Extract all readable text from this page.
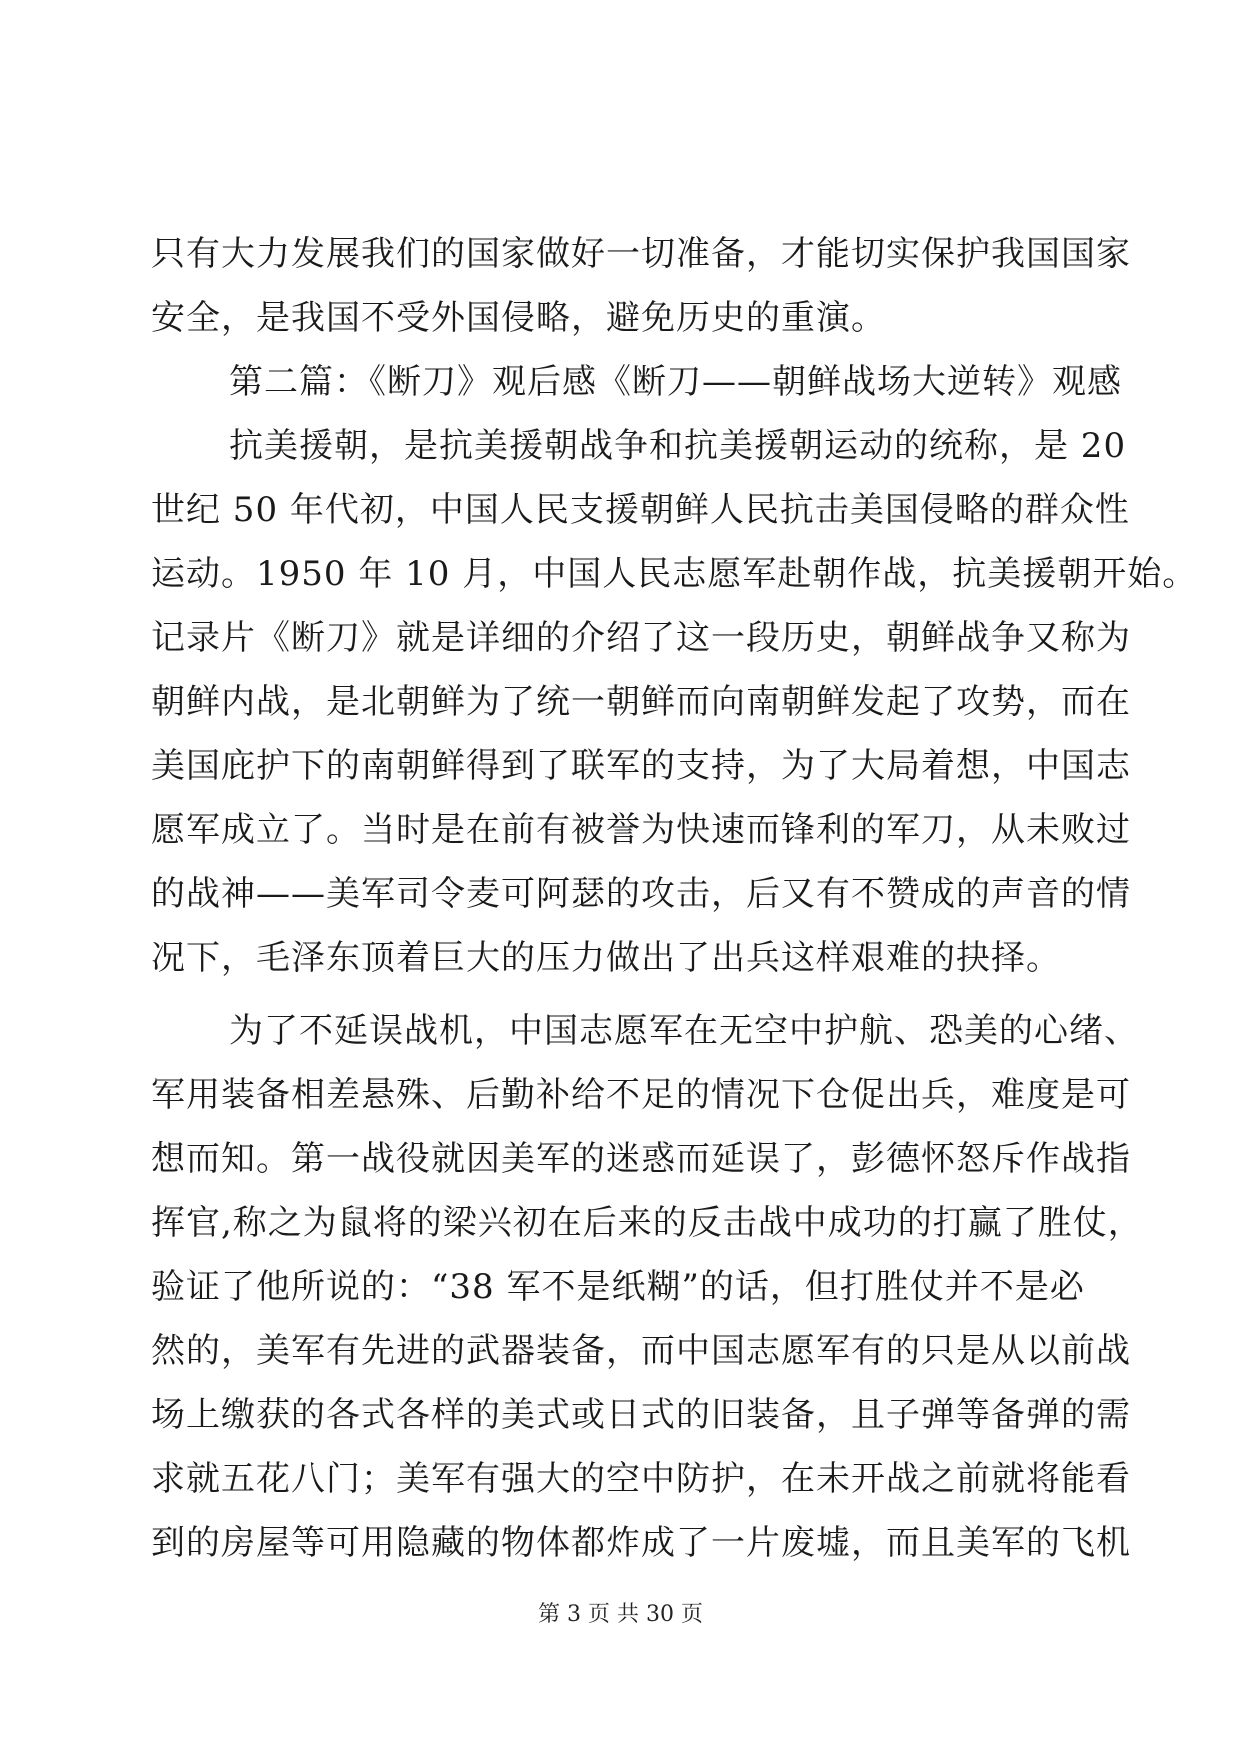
只有大力发展我们的国家做好一切准备，才能切实保护我国国家
安全，是我国不受外国侵略，避免历史的重演。
第二篇：《断刀》观后感《断刀——朝鲜战场大逆转》观感
抗美援朝，是抗美援朝战争和抗美援朝运动的统称，是 20
世纪 50 年代初，中国人民支援朝鲜人民抗击美国侵略的群众性
运动。1950 年 10 月，中国人民志愿军赴朝作战，抗美援朝开始。
记录片《断刀》就是详细的介绍了这一段历史，朝鲜战争又称为
朝鲜内战，是北朝鲜为了统一朝鲜而向南朝鲜发起了攻势，而在
美国庇护下的南朝鲜得到了联军的支持，为了大局着想，中国志
愿军成立了。当时是在前有被誉为快速而锋利的军刀，从未败过
的战神——美军司令麦可阿瑟的攻击，后又有不赞成的声音的情
况下，毛泽东顶着巨大的压力做出了出兵这样艰难的抉择。
为了不延误战机，中国志愿军在无空中护航、恐美的心绪、
军用装备相差悬殊、后勤补给不足的情况下仓促出兵，难度是可
想而知。第一战役就因美军的迷惑而延误了，彭德怀怒斥作战指
挥官,称之为鼠将的梁兴初在后来的反击战中成功的打赢了胜仗，
验证了他所说的：“38 军不是纸糊”的话，但打胜仗并不是必
然的，美军有先进的武器装备，而中国志愿军有的只是从以前战
场上缴获的各式各样的美式或日式的旧装备，且子弹等备弹的需
求就五花八门；美军有强大的空中防护，在未开战之前就将能看
到的房屋等可用隐藏的物体都炸成了一片废墟，而且美军的飞机
第 3 页 共 30 页
